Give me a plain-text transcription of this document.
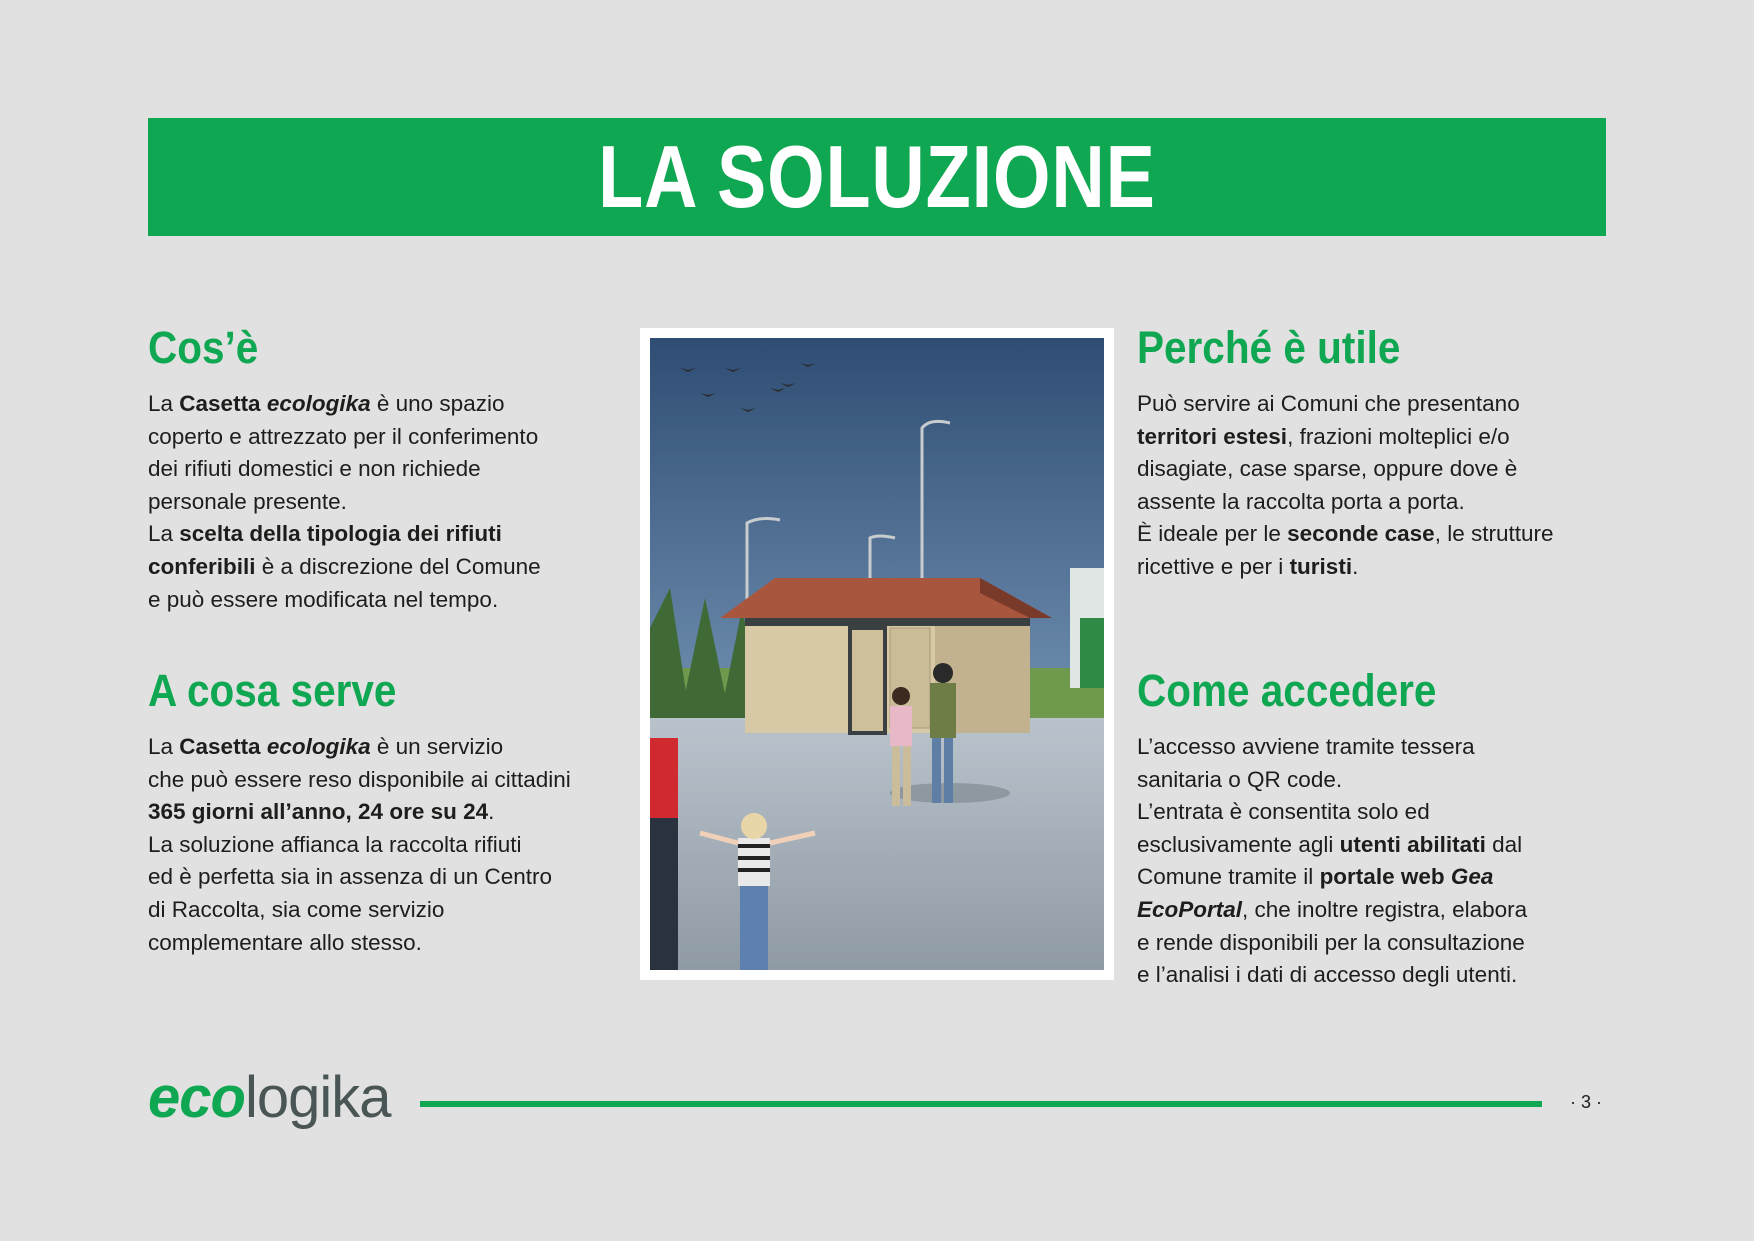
LA SOLUZIONE
Cos’è
La Casetta ecologika è uno spazio
coperto e attrezzato per il conferimento
dei rifiuti domestici e non richiede
personale presente.
La scelta della tipologia dei rifiuti
conferibili è a discrezione del Comune
e può essere modificata nel tempo.
A cosa serve
La Casetta ecologika è un servizio
che può essere reso disponibile ai cittadini
365 giorni all’anno, 24 ore su 24.
La soluzione affianca la raccolta rifiuti
ed è perfetta sia in assenza di un Centro
di Raccolta, sia come servizio
complementare allo stesso.
Perché è utile
Può servire ai Comuni che presentano
territori estesi, frazioni molteplici e/o
disagiate, case sparse, oppure dove è
assente la raccolta porta a porta.
È ideale per le seconde case, le strutture
ricettive e per i turisti.
Come accedere
L’accesso avviene tramite tessera
sanitaria o QR code.
L’entrata è consentita solo ed
esclusivamente agli utenti abilitati dal
Comune tramite il portale web Gea
EcoPortal, che inoltre registra, elabora
e rende disponibili per la consultazione
e l’analisi i dati di accesso degli utenti.
ecologika	· 3 ·
